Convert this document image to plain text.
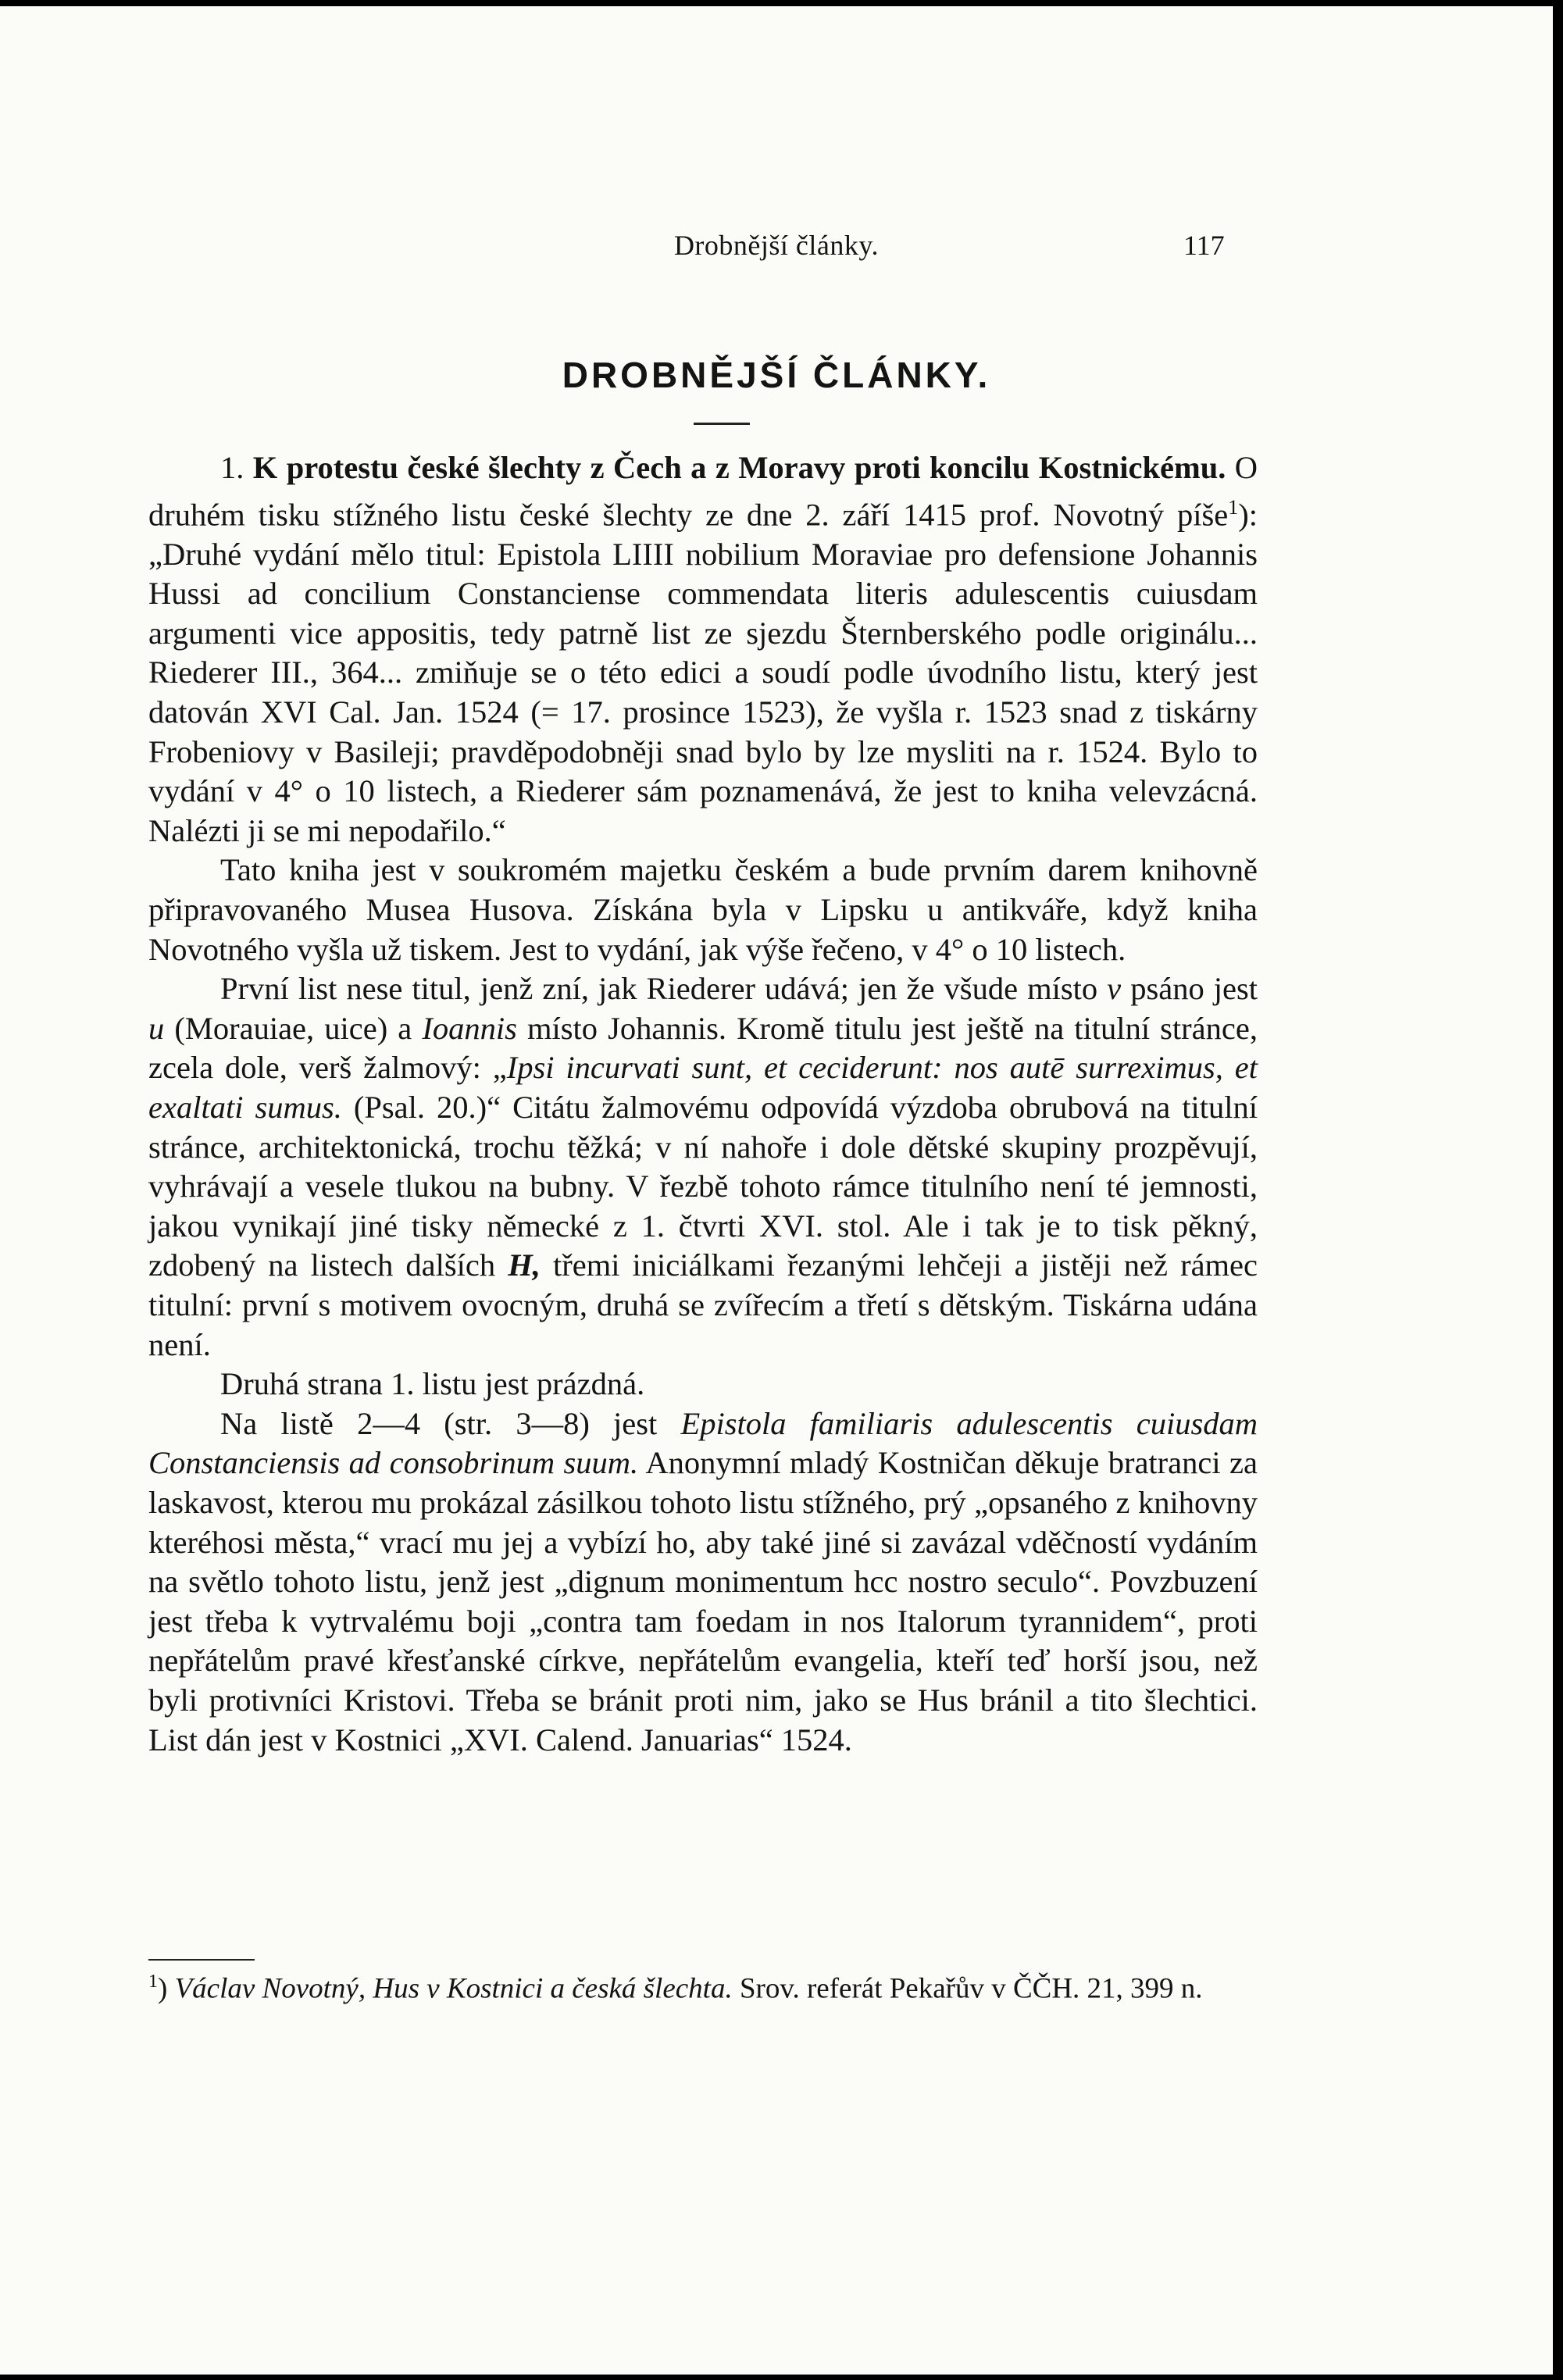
Drobnější články.	117
DROBNĚJŠÍ ČLÁNKY.

1. K protestu české šlechty z Čech a z Moravy proti koncilu Kostnickému. O druhém tisku stížného listu české šlechty ze dne 2. září 1415 prof. Novotný píše$^1$): „Druhé vydání mělo titul: Epistola LIIII nobilium Moraviae pro defensione Johannis Hussi ad concilium Constanciense commendata literis adulescentis cuiusdam argumenti vice appositis, tedy patrně list ze sjezdu Šternberského podle originálu... Riederer III., 364... zmiňuje se o této edici a soudí podle úvodního listu, který jest datován XVI Cal. Jan. 1524 (= 17. prosince 1523), že vyšla r. 1523 snad z tiskárny Frobeniovy v Basileji; pravděpodobněji snad bylo by lze mysliti na r. 1524. Bylo to vydání v 4° o 10 listech, a Riederer sám poznamenává, že jest to kniha velevzácná. Nalézti ji se mi nepodařilo.“

Tato kniha jest v soukromém majetku českém a bude prvním darem knihovně připravovaného Musea Husova. Získána byla v Lipsku u antikváře, když kniha Novotného vyšla už tiskem. Jest to vydání, jak výše řečeno, v 4° o 10 listech.

První list nese titul, jenž zní, jak Riederer udává; jen že všude místo v psáno jest u (Morauiae, uice) a Ioannis místo Johannis. Kromě titulu jest ještě na titulní stránce, zcela dole, verš žalmový: „Ipsi incurvati sunt, et ceciderunt: nos autē surreximus, et exaltati sumus. (Psal. 20.)“ Citátu žalmovému odpovídá výzdoba obrubová na titulní stránce, architektonická, trochu těžká; v ní nahoře i dole dětské skupiny prozpěvují, vyhrávají a vesele tlukou na bubny. V řezbě tohoto rámce titulního není té jemnosti, jakou vynikají jiné tisky německé z 1. čtvrti XVI. stol. Ale i tak je to tisk pěkný, zdobený na listech dalších H, třemi iniciálkami řezanými lehčeji a jistěji než rámec titulní: první s motivem ovocným, druhá se zvířecím a třetí s dětským. Tiskárna udána není.

Druhá strana 1. listu jest prázdná.

Na listě 2—4 (str. 3—8) jest Epistola familiaris adulescentis cuiusdam Constanciensis ad consobrinum suum. Anonymní mladý Kostničan děkuje bratranci za laskavost, kterou mu prokázal zásilkou tohoto listu stížného, prý „opsaného z knihovny kteréhosi města,“ vrací mu jej a vybízí ho, aby také jiné si zavázal vděčností vydáním na světlo tohoto listu, jenž jest „dignum monimentum hcc nostro seculo“. Povzbuzení jest třeba k vytrvalému boji „contra tam foedam in nos Italorum tyrannidem“, proti nepřátelům pravé křesťanské církve, nepřátelům evangelia, kteří teď horší jsou, než byli protivníci Kristovi. Třeba se bránit proti nim, jako se Hus bránil a tito šlechtici. List dán jest v Kostnici „XVI. Calend. Januarias“ 1524.

$^1$) Václav Novotný, Hus v Kostnici a česká šlechta. Srov. referát Pekařův v ČČH. 21, 399 n.
